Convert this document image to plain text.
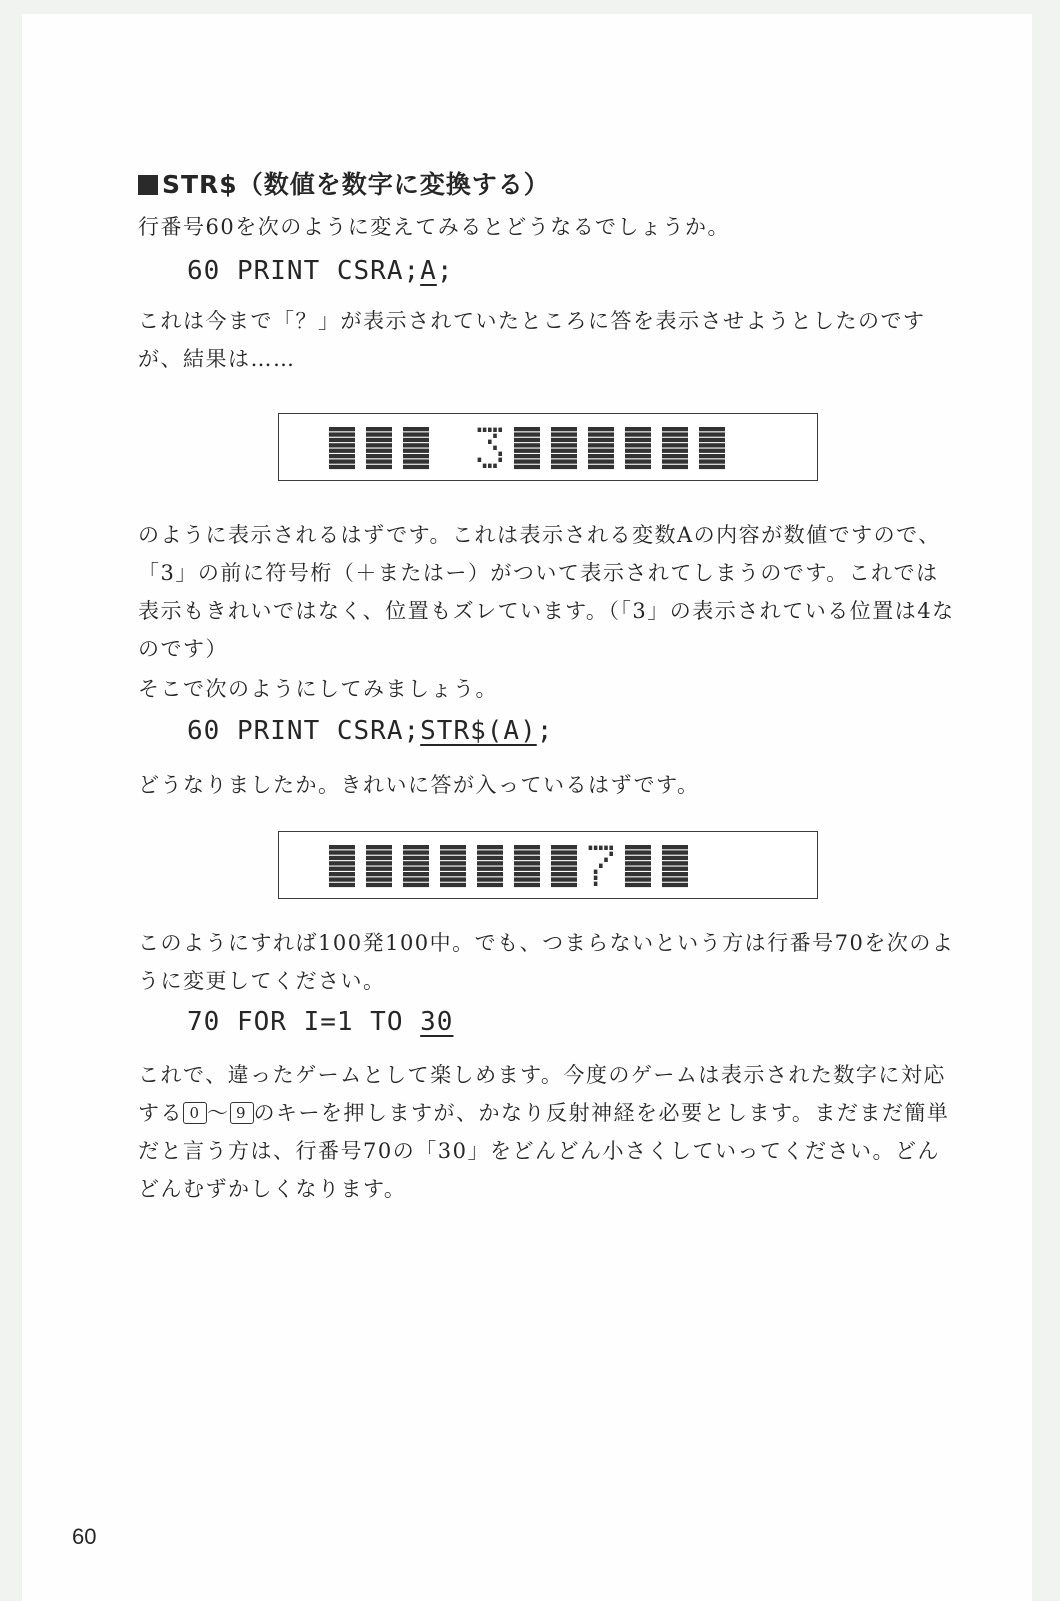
STR$（数値を数字に変換する）
行番号60を次のように変えてみるとどうなるでしょうか。
60 PRINT CSRA;A;
これは今まで「？」が表示されていたところに答を表示させようとしたのですが、結果は……
のように表示されるはずです。これは表示される変数Aの内容が数値ですので、「3」の前に符号桁（＋またはー）がついて表示されてしまうのです。これでは表示もきれいではなく、位置もズレています。（「3」の表示されている位置は4なのです）
そこで次のようにしてみましょう。
60 PRINT CSRA;STR$(A);
どうなりましたか。きれいに答が入っているはずです。
このようにすれば100発100中。でも、つまらないという方は行番号70を次のように変更してください。
70 FOR I=1 TO 30
これで、違ったゲームとして楽しめます。今度のゲームは表示された数字に対応する 0 ～ 9 のキーを押しますが、かなり反射神経を必要とします。まだまだ簡単だと言う方は、行番号70の「30」をどんどん小さくしていってください。どんどんむずかしくなります。
60
